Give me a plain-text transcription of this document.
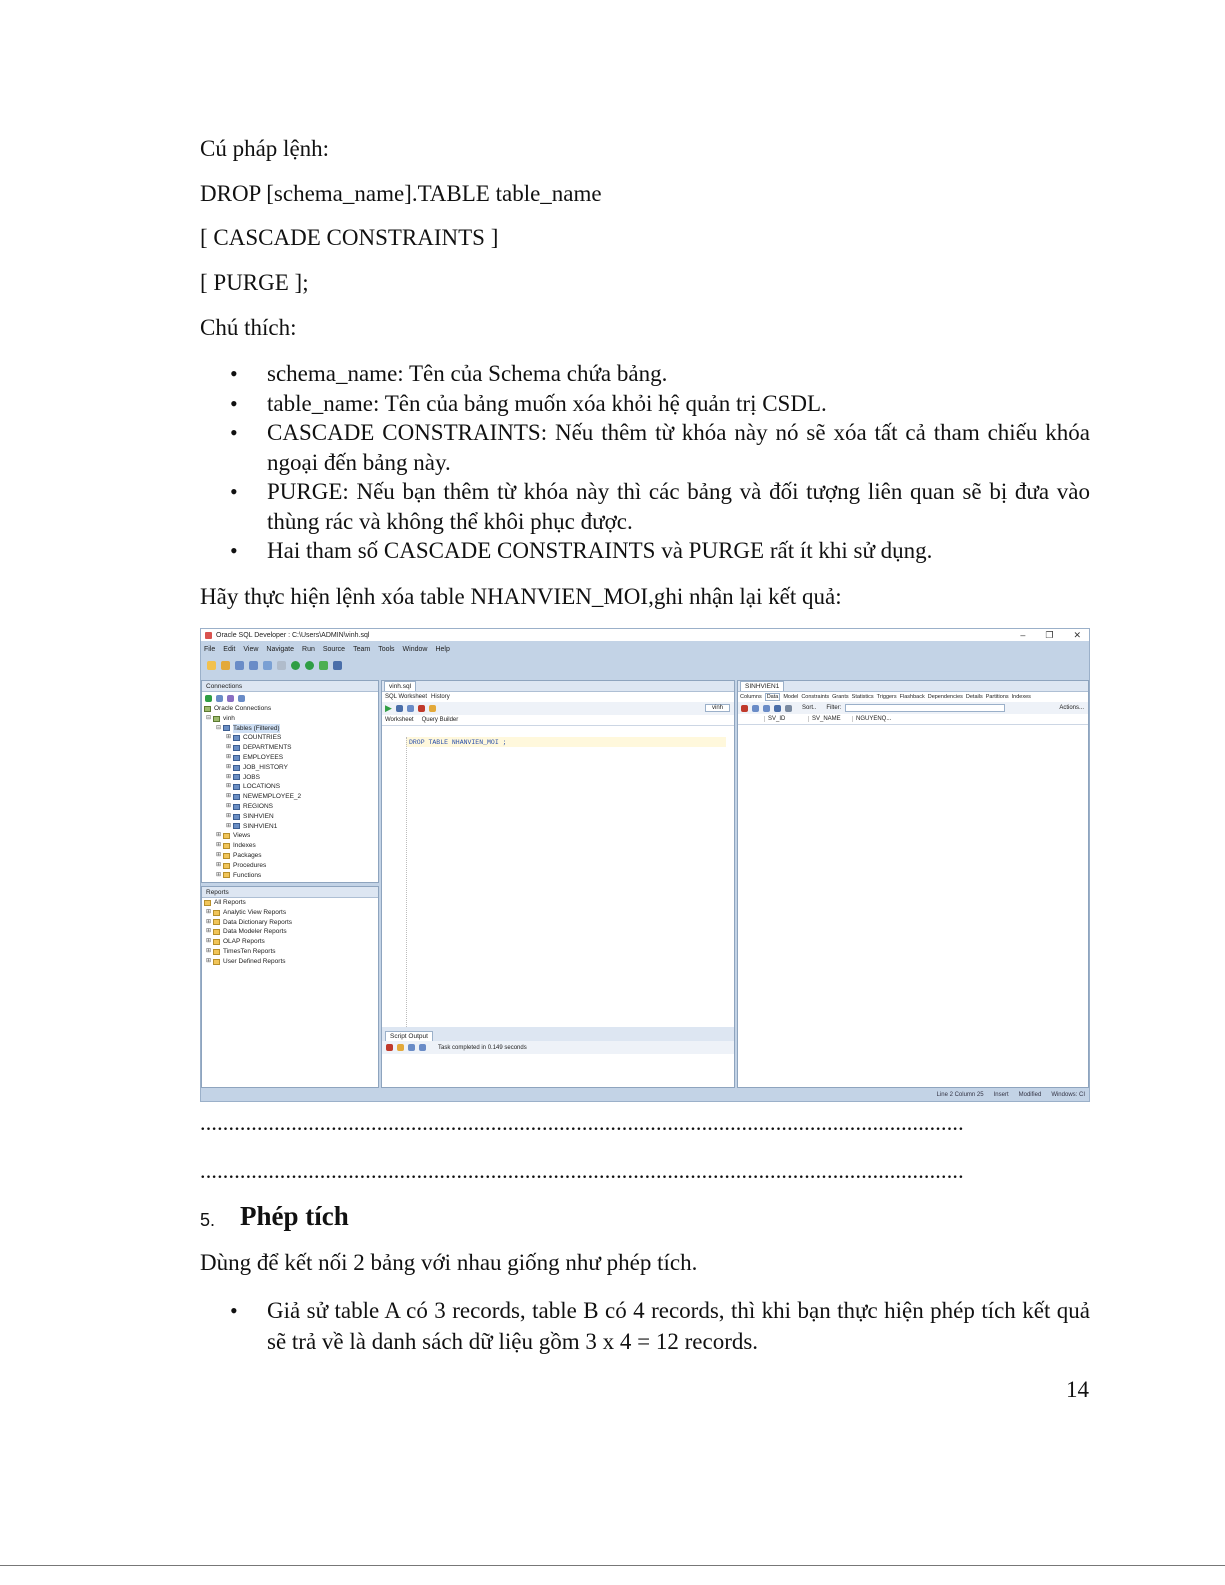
Cú pháp lệnh:
DROP [schema_name].TABLE table_name
[ CASCADE CONSTRAINTS ]
[ PURGE ];
Chú thích:
• schema_name: Tên của Schema chứa bảng.
• table_name: Tên của bảng muốn xóa khỏi hệ quản trị CSDL.
• CASCADE CONSTRAINTS: Nếu thêm từ khóa này nó sẽ xóa tất cả tham chiếu khóa ngoại đến bảng này.
• PURGE: Nếu bạn thêm từ khóa này thì các bảng và đối tượng liên quan sẽ bị đưa vào thùng rác và không thể khôi phục được.
• Hai tham số CASCADE CONSTRAINTS và PURGE rất ít khi sử dụng.
Hãy thực hiện lệnh xóa table NHANVIEN_MOI,ghi nhận lại kết quả:
Oracle SQL Developer : C:\Users\ADMIN\vinh.sql	– ❐ ✕
File Edit View Navigate Run Source Team Tools Window Help
Connections
Oracle Connections
⊟ vinh
⊟ Tables (Filtered)
⊞ COUNTRIES
⊞ DEPARTMENTS
⊞ EMPLOYEES
⊞ JOB_HISTORY
⊞ JOBS
⊞ LOCATIONS
⊞ NEWEMPLOYEE_2
⊞ REGIONS
⊞ SINHVIEN
⊞ SINHVIEN1
⊞ Views
⊞ Indexes
⊞ Packages
⊞ Procedures
⊞ Functions
Reports
All Reports
⊞ Analytic View Reports
⊞ Data Dictionary Reports
⊞ Data Modeler Reports
⊞ OLAP Reports
⊞ TimesTen Reports
⊞ User Defined Reports
vinh.sql
SQL Worksheet History
▶	vinh
Worksheet Query Builder
DROP TABLE NHANVIEN_MOI ;
Script Output
Task completed in 0.149 seconds
SINHVIEN1
Columns Data Model Constraints Grants Statistics Triggers Flashback Dependencies Details Partitions Indexes
Sort.. Filter:	Actions...
SV_ID	SV_NAME	NGUYENQ...
Line 2 Column 25 Insert Modified Windows: CI
......................................................................................................................................
......................................................................................................................................
5. Phép tích
Dùng để kết nối 2 bảng với nhau giống như phép tích.
• Giả sử table A có 3 records, table B có 4 records, thì khi bạn thực hiện phép tích kết quả sẽ trả về là danh sách dữ liệu gồm 3 x 4 = 12 records.
14
